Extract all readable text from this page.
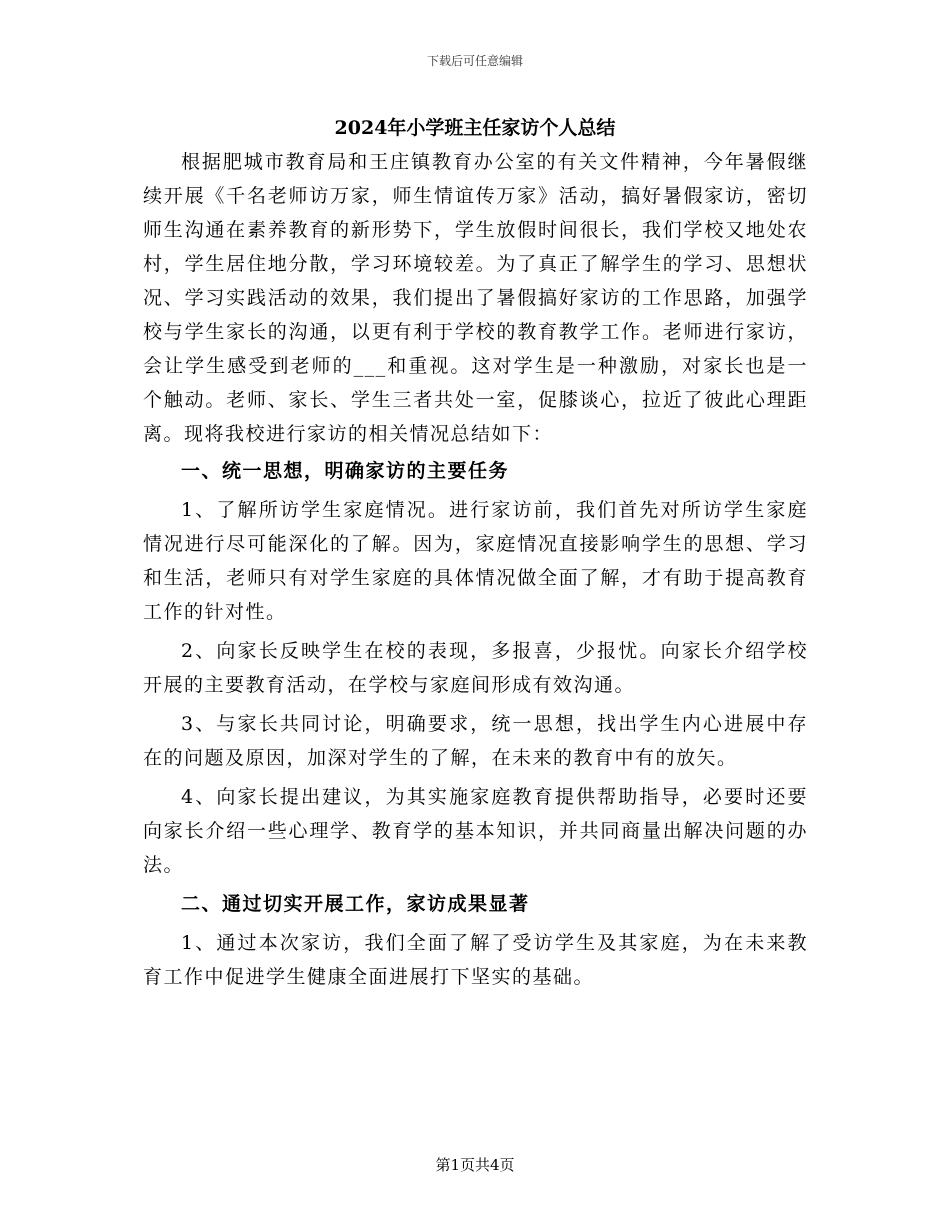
下载后可任意编辑
2024年小学班主任家访个人总结

根据肥城市教育局和王庄镇教育办公室的有关文件精神，今年暑假继续开展《千名老师访万家，师生情谊传万家》活动，搞好暑假家访，密切师生沟通在素养教育的新形势下，学生放假时间很长，我们学校又地处农村，学生居住地分散，学习环境较差。为了真正了解学生的学习、思想状况、学习实践活动的效果，我们提出了暑假搞好家访的工作思路，加强学校与学生家长的沟通，以更有利于学校的教育教学工作。老师进行家访，会让学生感受到老师的___和重视。这对学生是一种激励，对家长也是一个触动。老师、家长、学生三者共处一室，促膝谈心，拉近了彼此心理距离。现将我校进行家访的相关情况总结如下：

一、统一思想，明确家访的主要任务

1、了解所访学生家庭情况。进行家访前，我们首先对所访学生家庭情况进行尽可能深化的了解。因为，家庭情况直接影响学生的思想、学习和生活，老师只有对学生家庭的具体情况做全面了解，才有助于提高教育工作的针对性。

2、向家长反映学生在校的表现，多报喜，少报忧。向家长介绍学校开展的主要教育活动，在学校与家庭间形成有效沟通。

3、与家长共同讨论，明确要求，统一思想，找出学生内心进展中存在的问题及原因，加深对学生的了解，在未来的教育中有的放矢。

4、向家长提出建议，为其实施家庭教育提供帮助指导，必要时还要向家长介绍一些心理学、教育学的基本知识，并共同商量出解决问题的办法。

二、通过切实开展工作，家访成果显著

1、通过本次家访，我们全面了解了受访学生及其家庭，为在未来教育工作中促进学生健康全面进展打下坚实的基础。

第1页共4页
